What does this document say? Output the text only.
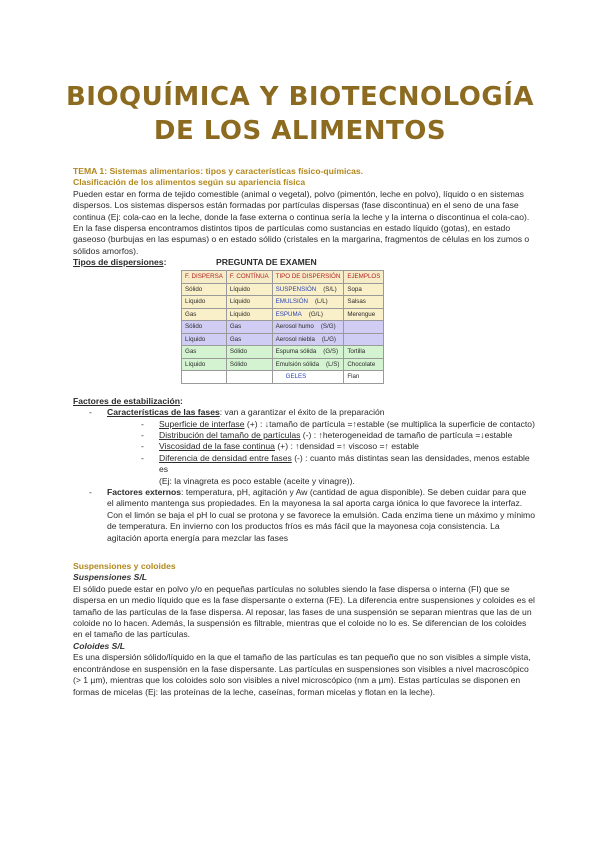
BIOQUÍMICA Y BIOTECNOLOGÍA
DE LOS ALIMENTOS

TEMA 1: Sistemas alimentarios: tipos y características físico-químicas.

Clasificación de los alimentos según su apariencia física

Pueden estar en forma de tejido comestible (animal o vegetal), polvo (pimentón, leche en polvo), líquido o en sistemas

dispersos. Los sistemas dispersos están formadas por partículas dispersas (fase discontinua) en el seno de una fase

continua (Ej: cola-cao en la leche, donde la fase externa o continua sería la leche y la interna o discontinua el cola-cao).

En la fase dispersa encontramos distintos tipos de partículas como sustancias en estado líquido (gotas), en estado

gaseoso (burbujas en las espumas) o en estado sólido (cristales en la margarina, fragmentos de células en los zumos o

sólidos amorfos).

Tipos de dispersiones:	PREGUNTA DE EXAMEN
F. DISPERSA	F. CONTÍNUA	TIPO DE DISPERSIÓN	EJEMPLOS
Sólido	Líquido	SUSPENSIÓN (S/L)	Sopa
Líquido	Líquido	EMULSIÓN (L/L)	Salsas
Gas	Líquido	ESPUMA (G/L)	Merengue
Sólido	Gas	Aerosol humo (S/G)	
Líquido	Gas	Aerosol niebla (L/G)	
Gas	Sólido	Espuma sólida (G/S)	Tortilla
Líquido	Sólido	Emulsión sólida (L/S)	Chocolate
		GELES	Flan

Factores de estabilización:

- Características de las fases: van a garantizar el éxito de la preparación
- Superficie de interfase (+) : ↓tamaño de partícula =↑estable (se multiplica la superficie de contacto)
- Distribución del tamaño de partículas (-) : ↑heterogeneidad de tamaño de partícula =↓estable
- Viscosidad de la fase continua (+) : ↑densidad =↑ viscoso =↑ estable
- Diferencia de densidad entre fases (-) : cuanto más distintas sean las densidades, menos estable es
(Ej: la vinagreta es poco estable (aceite y vinagre)).
- Factores externos: temperatura, pH, agitación y Aw (cantidad de agua disponible). Se deben cuidar para que
el alimento mantenga sus propiedades. En la mayonesa la sal aporta carga iónica lo que favorece la interfaz.
Con el limón se baja el pH lo cual se protona y se favorece la emulsión. Cada enzima tiene un máximo y mínimo
de temperatura. En invierno con los productos fríos es más fácil que la mayonesa coja consistencia. La
agitación aporta energía para mezclar las fases

Suspensiones y coloides

Suspensiones S/L

El sólido puede estar en polvo y/o en pequeñas partículas no solubles siendo la fase dispersa o interna (FI) que se

dispersa en un medio líquido que es la fase dispersante o externa (FE). La diferencia entre suspensiones y coloides es el

tamaño de las partículas de la fase dispersa. Al reposar, las fases de una suspensión se separan mientras que las de un

coloide no lo hacen. Además, la suspensión es filtrable, mientras que el coloide no lo es. Se diferencian de los coloides

en el tamaño de las partículas.

Coloides S/L

Es una dispersión sólido/líquido en la que el tamaño de las partículas es tan pequeño que no son visibles a simple vista,

encontrándose en suspensión en la fase dispersante. Las partículas en suspensiones son visibles a nivel macroscópico

(> 1 µm), mientras que los coloides solo son visibles a nivel microscópico (nm a µm). Estas partículas se disponen en

formas de micelas (Ej: las proteínas de la leche, caseínas, forman micelas y flotan en la leche).
